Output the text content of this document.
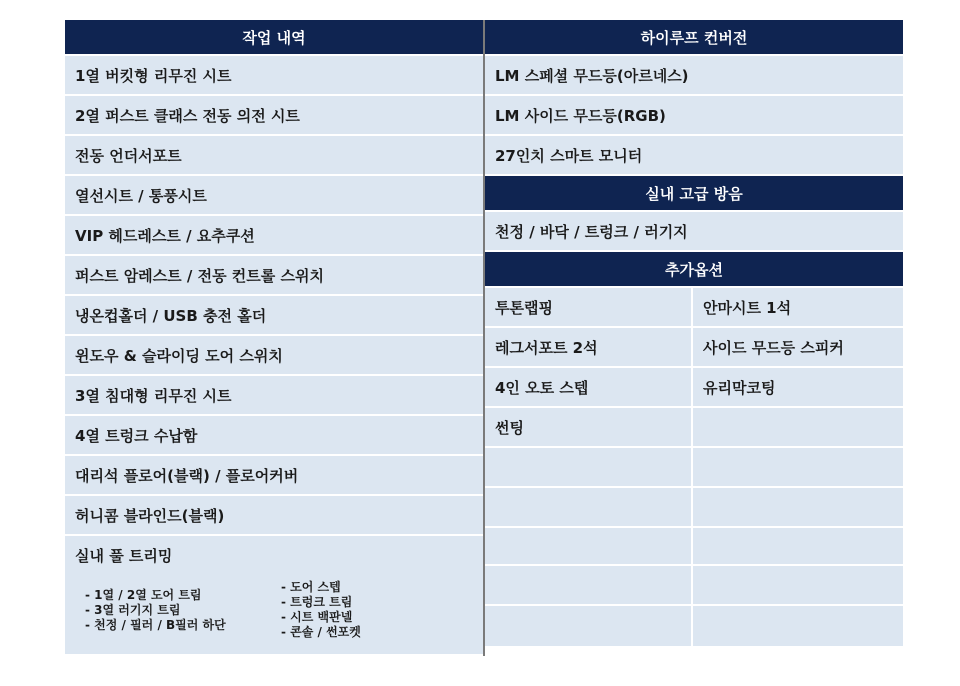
작업 내역
1열 버킷형 리무진 시트
2열 퍼스트 클래스 전동 의전 시트
전동 언더서포트
열선시트 / 통풍시트
VIP 헤드레스트 / 요추쿠션
퍼스트 암레스트 / 전동 컨트롤 스위치
냉온컵홀더 / USB 충전 홀더
윈도우 & 슬라이딩 도어 스위치
3열 침대형 리무진 시트
4열 트렁크 수납함
대리석 플로어(블랙) / 플로어커버
허니콤 블라인드(블랙)
실내 풀 트리밍
- 1열 / 2열 도어 트림
- 3열 러기지 트림
- 천정 / 필러 / B필러 하단
- 도어 스텝
- 트렁크 트림
- 시트 백판넬
- 콘솔 / 썬포켓
하이루프 컨버전
LM 스페셜 무드등(아르네스)
LM 사이드 무드등(RGB)
27인치 스마트 모니터
실내 고급 방음
천정 / 바닥 / 트렁크 / 러기지
추가옵션
투톤랩핑	안마시트 1석
레그서포트 2석	사이드 무드등 스피커
4인 오토 스텝	유리막코팅
썬팅
